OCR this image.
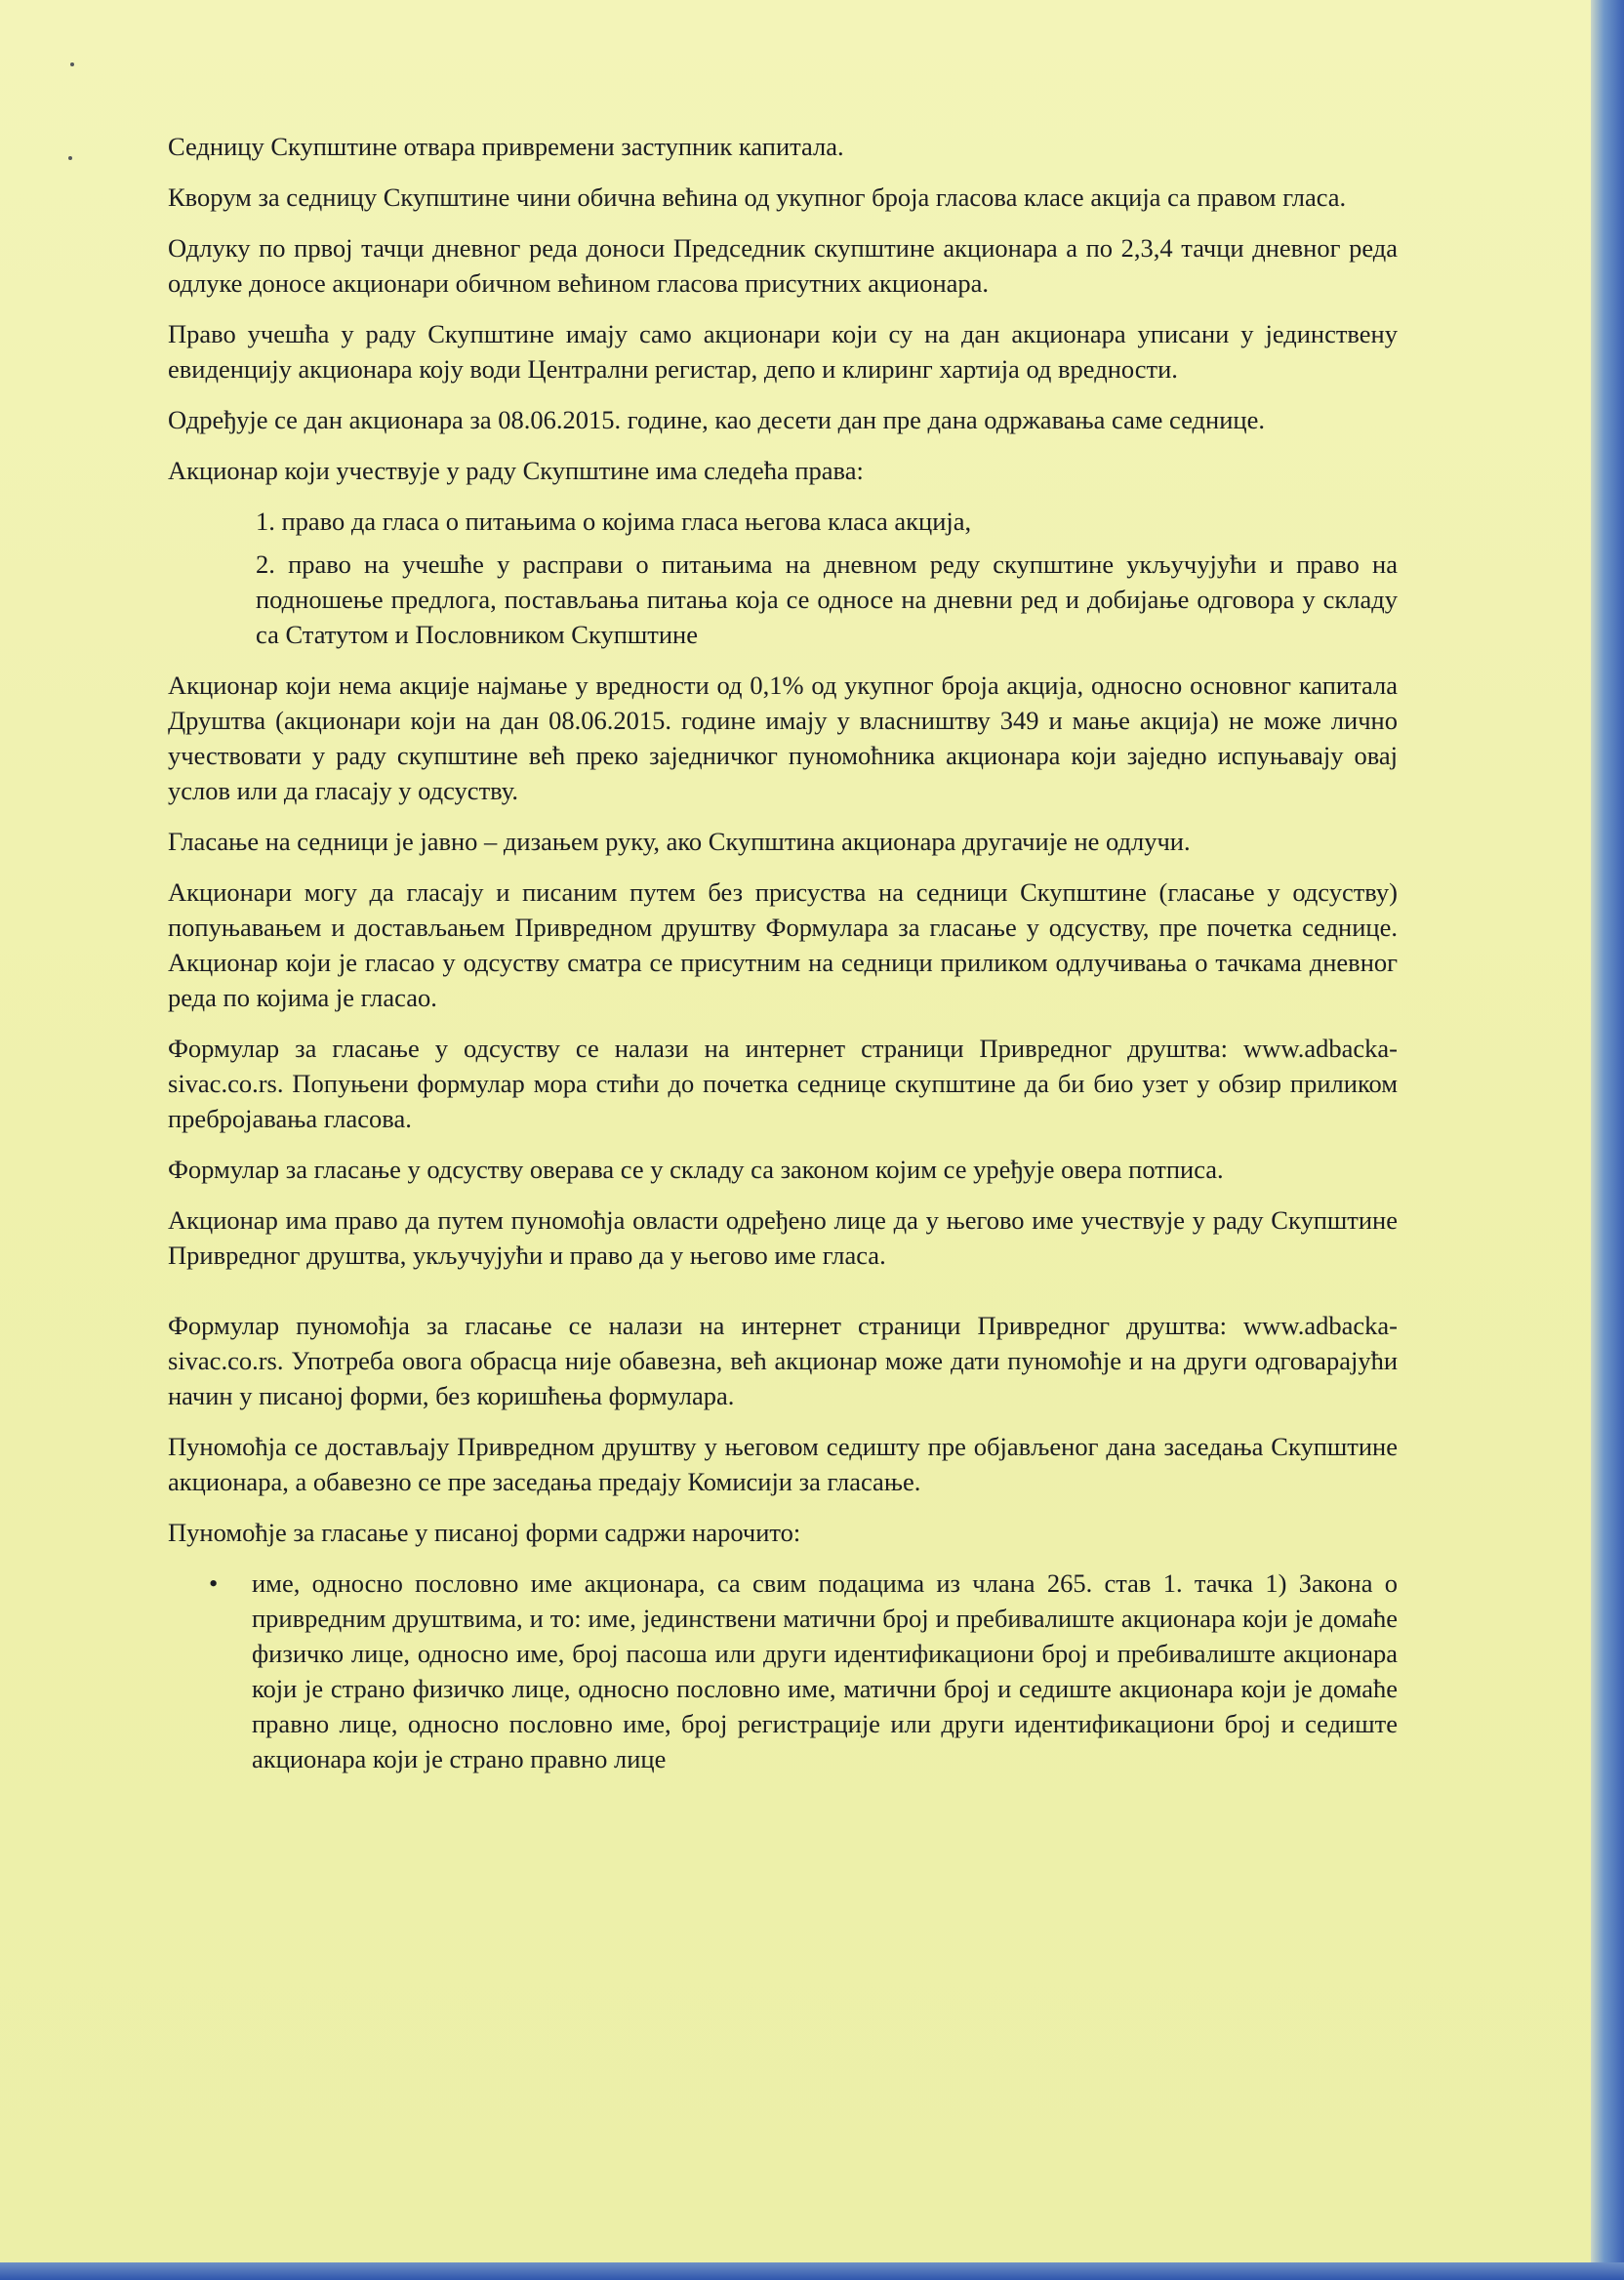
Седницу Скупштине отвара привремени заступник капитала.

Кворум за седницу Скупштине чини обична већина од укупног броја гласова класе акција са правом гласа.

Одлуку по првој тачци дневног реда доноси Председник скупштине акционара а по 2,3,4 тачци дневног реда одлуке доносе акционари обичном већином гласова присутних акционара.

Право учешћа у раду Скупштине имају само акционари који су на дан акционара уписани у јединствену евиденцију акционара коју води Централни регистар, депо и клиринг хартија од вредности.

Одређује се дан акционара за 08.06.2015. године, као десети дан пре дана одржавања саме седнице.

Акционар који учествује у раду Скупштине има следећа права:

1. право да гласа о питањима о којима гласа његова класа акција,
2. право на учешће у расправи о питањима на дневном реду скупштине укључујући и право на подношење предлога, постављања питања која се односе на дневни ред и добијање одговора у складу са Статутом и Пословником Скупштине

Акционар који нема акције најмање у вредности од 0,1% од укупног броја акција, односно основног капитала Друштва (акционари који на дан 08.06.2015. године имају у власништву 349 и мање акција) не може лично учествовати у раду скупштине већ преко заједничког пуномоћника акционара који заједно испуњавају овај услов или да гласају у одсуству.

Гласање на седници је јавно – дизањем руку, ако Скупштина акционара другачије не одлучи.

Акционари могу да гласају и писаним путем без присуства на седници Скупштине (гласање у одсуству) попуњавањем и достављањем Привредном друштву Формулара за гласање у одсуству, пре почетка седнице. Акционар који је гласао у одсуству сматра се присутним на седници приликом одлучивања о тачкама дневног реда по којима је гласао.

Формулар за гласање у одсуству се налази на интернет страници Привредног друштва: www.adbacka-sivac.co.rs. Попуњени формулар мора стићи до почетка седнице скупштине да би био узет у обзир приликом пребројавања гласова.

Формулар за гласање у одсуству оверава се у складу са законом којим се уређује овера потписа.

Акционар има право да путем пуномоћја овласти одређено лице да у његово име учествује у раду Скупштине Привредног друштва, укључујући и право да у његово име гласа.

Формулар пуномоћја за гласање се налази на интернет страници Привредног друштва: www.adbacka-sivac.co.rs. Употреба овога обрасца није обавезна, већ акционар може дати пуномоћје и на други одговарајући начин у писаној форми, без коришћења формулара.

Пуномоћја се достављају Привредном друштву у његовом седишту пре објављеног дана заседања Скупштине акционара, а обавезно се пре заседања предају Комисији за гласање.

Пуномоћје за гласање у писаној форми садржи нарочито:

• име, односно пословно име акционара, са свим подацима из члана 265. став 1. тачка 1) Закона о привредним друштвима, и то: име, јединствени матични број и пребивалиште акционара који је домаће физичко лице, односно име, број пасоша или други идентификациони број и пребивалиште акционара који је страно физичко лице, односно пословно име, матични број и седиште акционара који је домаће правно лице, односно пословно име, број регистрације или други идентификациони број и седиште акционара који је страно правно лице
